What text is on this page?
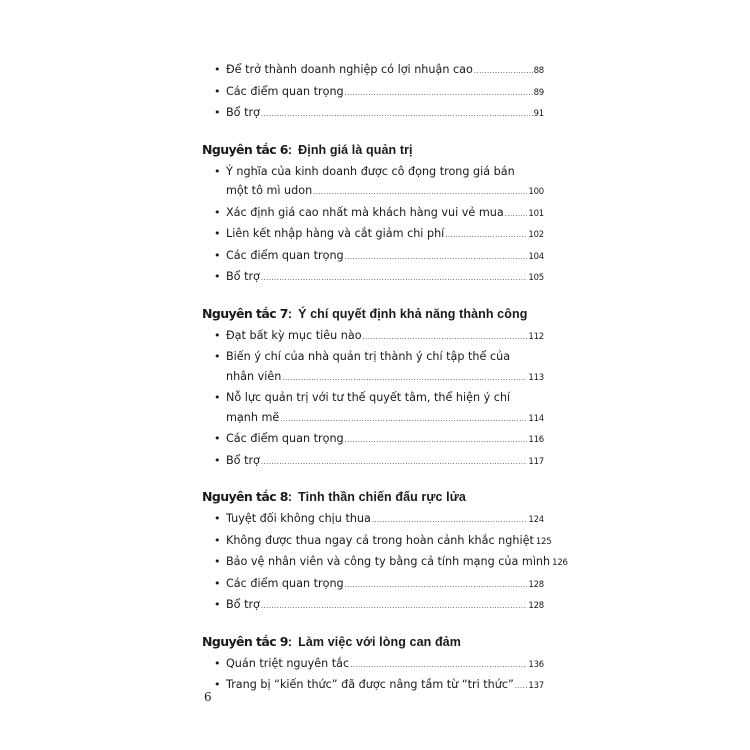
• Để trở thành doanh nghiệp có lợi nhuận cao .....	88
• Các điểm quan trọng .....	89
• Bổ trợ .....	91
Nguyên tắc 6: Định giá là quản trị
• Ý nghĩa của kinh doanh được cô đọng trong giá bán
một tô mì udon .....	100
• Xác định giá cao nhất mà khách hàng vui vẻ mua .....	101
• Liên kết nhập hàng và cắt giảm chi phí .....	102
• Các điểm quan trọng .....	104
• Bổ trợ .....	105
Nguyên tắc 7: Ý chí quyết định khả năng thành công
• Đạt bất kỳ mục tiêu nào .....	112
• Biến ý chí của nhà quản trị thành ý chí tập thể của
nhân viên .....	113
• Nỗ lực quản trị với tư thế quyết tâm, thể hiện ý chí
mạnh mẽ .....	114
• Các điểm quan trọng .....	116
• Bổ trợ .....	117
Nguyên tắc 8: Tinh thần chiến đấu rực lửa
• Tuyệt đối không chịu thua .....	124
• Không được thua ngay cả trong hoàn cảnh khắc nghiệt 125
• Bảo vệ nhân viên và công ty bằng cả tính mạng của mình 126
• Các điểm quan trọng .....	128
• Bổ trợ .....	128
Nguyên tắc 9: Làm việc với lòng can đảm
• Quán triệt nguyên tắc .....	136
• Trang bị “kiến thức” đã được nâng tầm từ “tri thức” ..... 137
6
